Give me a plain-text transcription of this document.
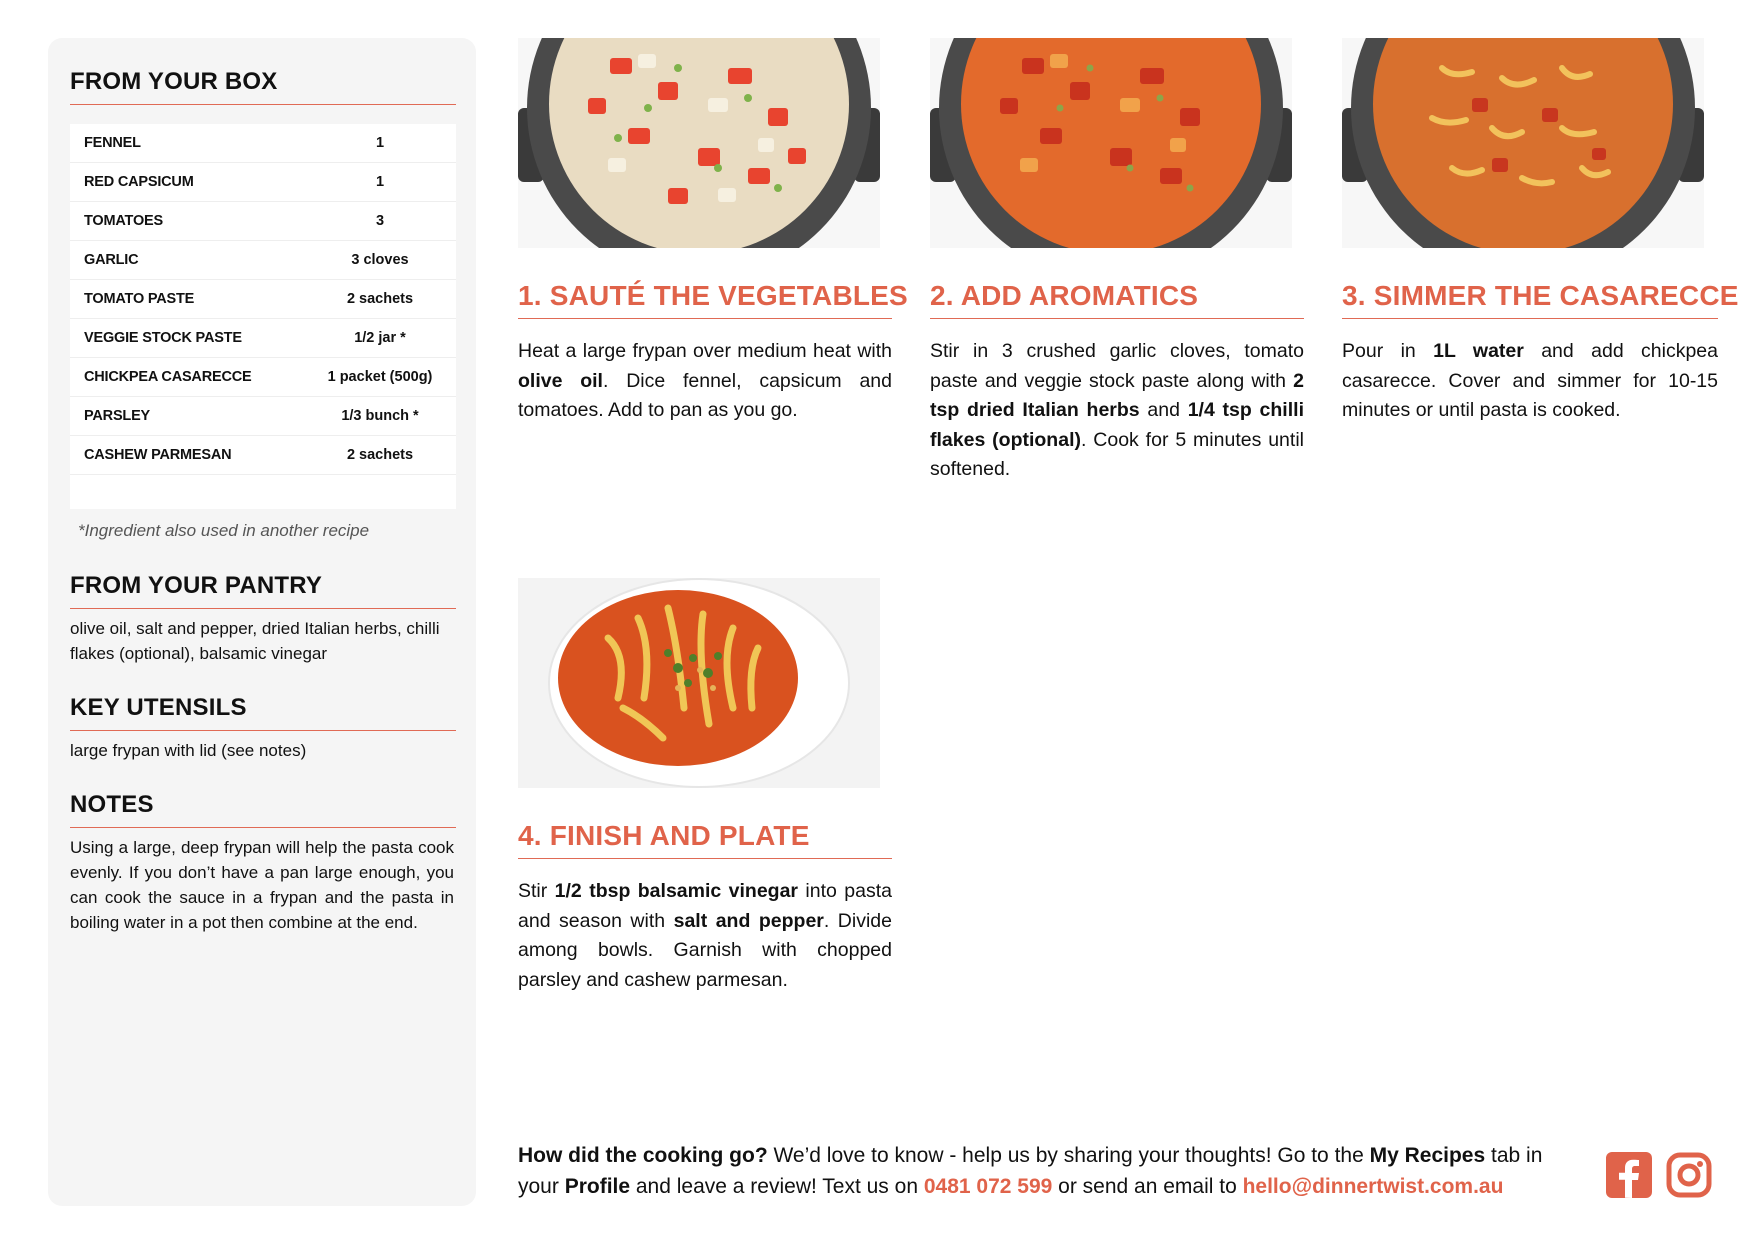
FROM YOUR BOX
FENNEL	1
RED CAPSICUM	1
TOMATOES	3
GARLIC	3 cloves
TOMATO PASTE	2 sachets
VEGGIE STOCK PASTE	1/2 jar *
CHICKPEA CASARECCE	1 packet (500g)
PARSLEY	1/3 bunch *
CASHEW PARMESAN	2 sachets
*Ingredient also used in another recipe
FROM YOUR PANTRY

olive oil, salt and pepper, dried Italian herbs, chilli flakes (optional), balsamic vinegar

KEY UTENSILS

large frypan with lid (see notes)

NOTES

Using a large, deep frypan will help the pasta cook evenly. If you don’t have a pan large enough, you can cook the sauce in a frypan and the pasta in boiling water in a pot then combine at the end.

1. SAUTÉ THE VEGETABLES

Heat a large frypan over medium heat with olive oil. Dice fennel, capsicum and tomatoes. Add to pan as you go.

2. ADD AROMATICS

Stir in 3 crushed garlic cloves, tomato paste and veggie stock paste along with 2 tsp dried Italian herbs and 1/4 tsp chilli flakes (optional). Cook for 5 minutes until softened.

3. SIMMER THE CASARECCE

Pour in 1L water and add chickpea casarecce. Cover and simmer for 10-15 minutes or until pasta is cooked.

4. FINISH AND PLATE

Stir 1/2 tbsp balsamic vinegar into pasta and season with salt and pepper. Divide among bowls. Garnish with chopped parsley and cashew parmesan.

How did the cooking go? We’d love to know - help us by sharing your thoughts! Go to the My Recipes tab in your Profile and leave a review! Text us on 0481 072 599 or send an email to hello@dinnertwist.com.au
